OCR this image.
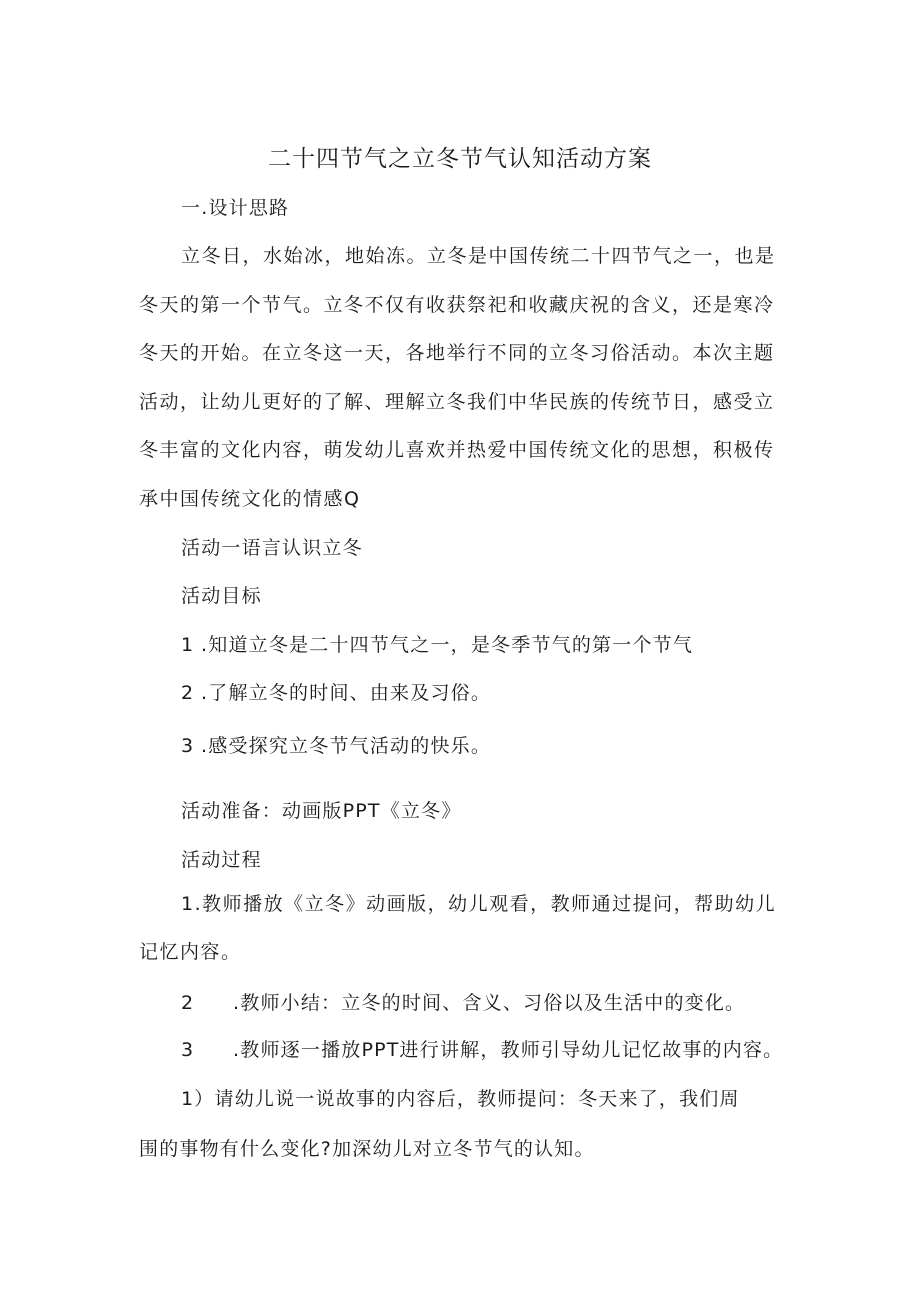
二十四节气之立冬节气认知活动方案
一.设计思路

立冬日，水始冰，地始冻。立冬是中国传统二十四节气之一，也是冬天的第一个节气。立冬不仅有收获祭祀和收藏庆祝的含义，还是寒冷冬天的开始。在立冬这一天，各地举行不同的立冬习俗活动。本次主题活动，让幼儿更好的了解、理解立冬我们中华民族的传统节日，感受立冬丰富的文化内容，萌发幼儿喜欢并热爱中国传统文化的思想，积极传承中国传统文化的情感Q

活动一语言认识立冬
活动目标
1 .知道立冬是二十四节气之一，是冬季节气的第一个节气
2 .了解立冬的时间、由来及习俗。
3 .感受探究立冬节气活动的快乐。
活动准备：动画版PPT《立冬》
活动过程

1.教师播放《立冬》动画版，幼儿观看，教师通过提问，帮助幼儿记忆内容。

2 .教师小结：立冬的时间、含义、习俗以及生活中的变化。
3 .教师逐一播放PPT进行讲解，教师引导幼儿记忆故事的内容。
1）请幼儿说一说故事的内容后，教师提问：冬天来了，我们周
围的事物有什么变化?加深幼儿对立冬节气的认知。
